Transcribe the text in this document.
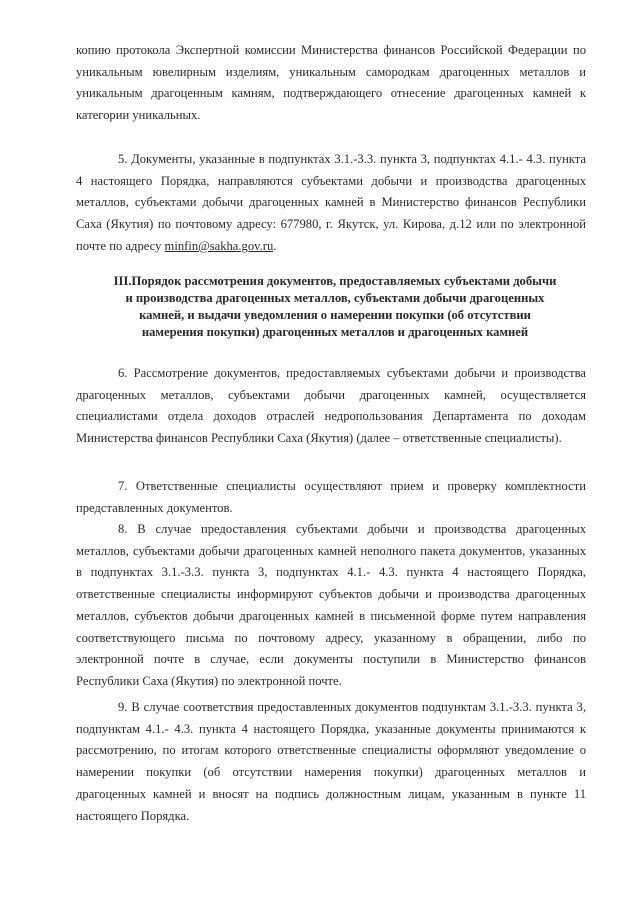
копию протокола Экспертной комиссии Министерства финансов Российской Федерации по уникальным ювелирным изделиям, уникальным самородкам драгоценных металлов и уникальным драгоценным камням, подтверждающего отнесение драгоценных камней к категории уникальных.

5. Документы, указанные в подпунктах 3.1.-3.3. пункта 3, подпунктах 4.1.- 4.3. пункта 4 настоящего Порядка, направляются субъектами добычи и производства драгоценных металлов, субъектами добычи драгоценных камней в Министерство финансов Республики Саха (Якутия) по почтовому адресу: 677980, г. Якутск, ул. Кирова, д.12 или по электронной почте по адресу minfin@sakha.gov.ru.

III.Порядок рассмотрения документов, предоставляемых субъектами добычи и производства драгоценных металлов, субъектами добычи драгоценных камней, и выдачи уведомления о намерении покупки (об отсутствии намерения покупки) драгоценных металлов и драгоценных камней

6. Рассмотрение документов, предоставляемых субъектами добычи и производства драгоценных металлов, субъектами добычи драгоценных камней, осуществляется специалистами отдела доходов отраслей недропользования Департамента по доходам Министерства финансов Республики Саха (Якутия) (далее – ответственные специалисты).

7. Ответственные специалисты осуществляют прием и проверку комплектности представленных документов.

8. В случае предоставления субъектами добычи и производства драгоценных металлов, субъектами добычи драгоценных камней неполного пакета документов, указанных в подпунктах 3.1.-3.3. пункта 3, подпунктах 4.1.- 4.3. пункта 4 настоящего Порядка, ответственные специалисты информируют субъектов добычи и производства драгоценных металлов, субъектов добычи драгоценных камней в письменной форме путем направления соответствующего письма по почтовому адресу, указанному в обращении, либо по электронной почте в случае, если документы поступили в Министерство финансов Республики Саха (Якутия) по электронной почте.

9. В случае соответствия предоставленных документов подпунктам 3.1.-3.3. пункта 3, подпунктам 4.1.- 4.3. пункта 4 настоящего Порядка, указанные документы принимаются к рассмотрению, по итогам которого ответственные специалисты оформляют уведомление о намерении покупки (об отсутствии намерения покупки) драгоценных металлов и драгоценных камней и вносят на подпись должностным лицам, указанным в пункте 11 настоящего Порядка.
